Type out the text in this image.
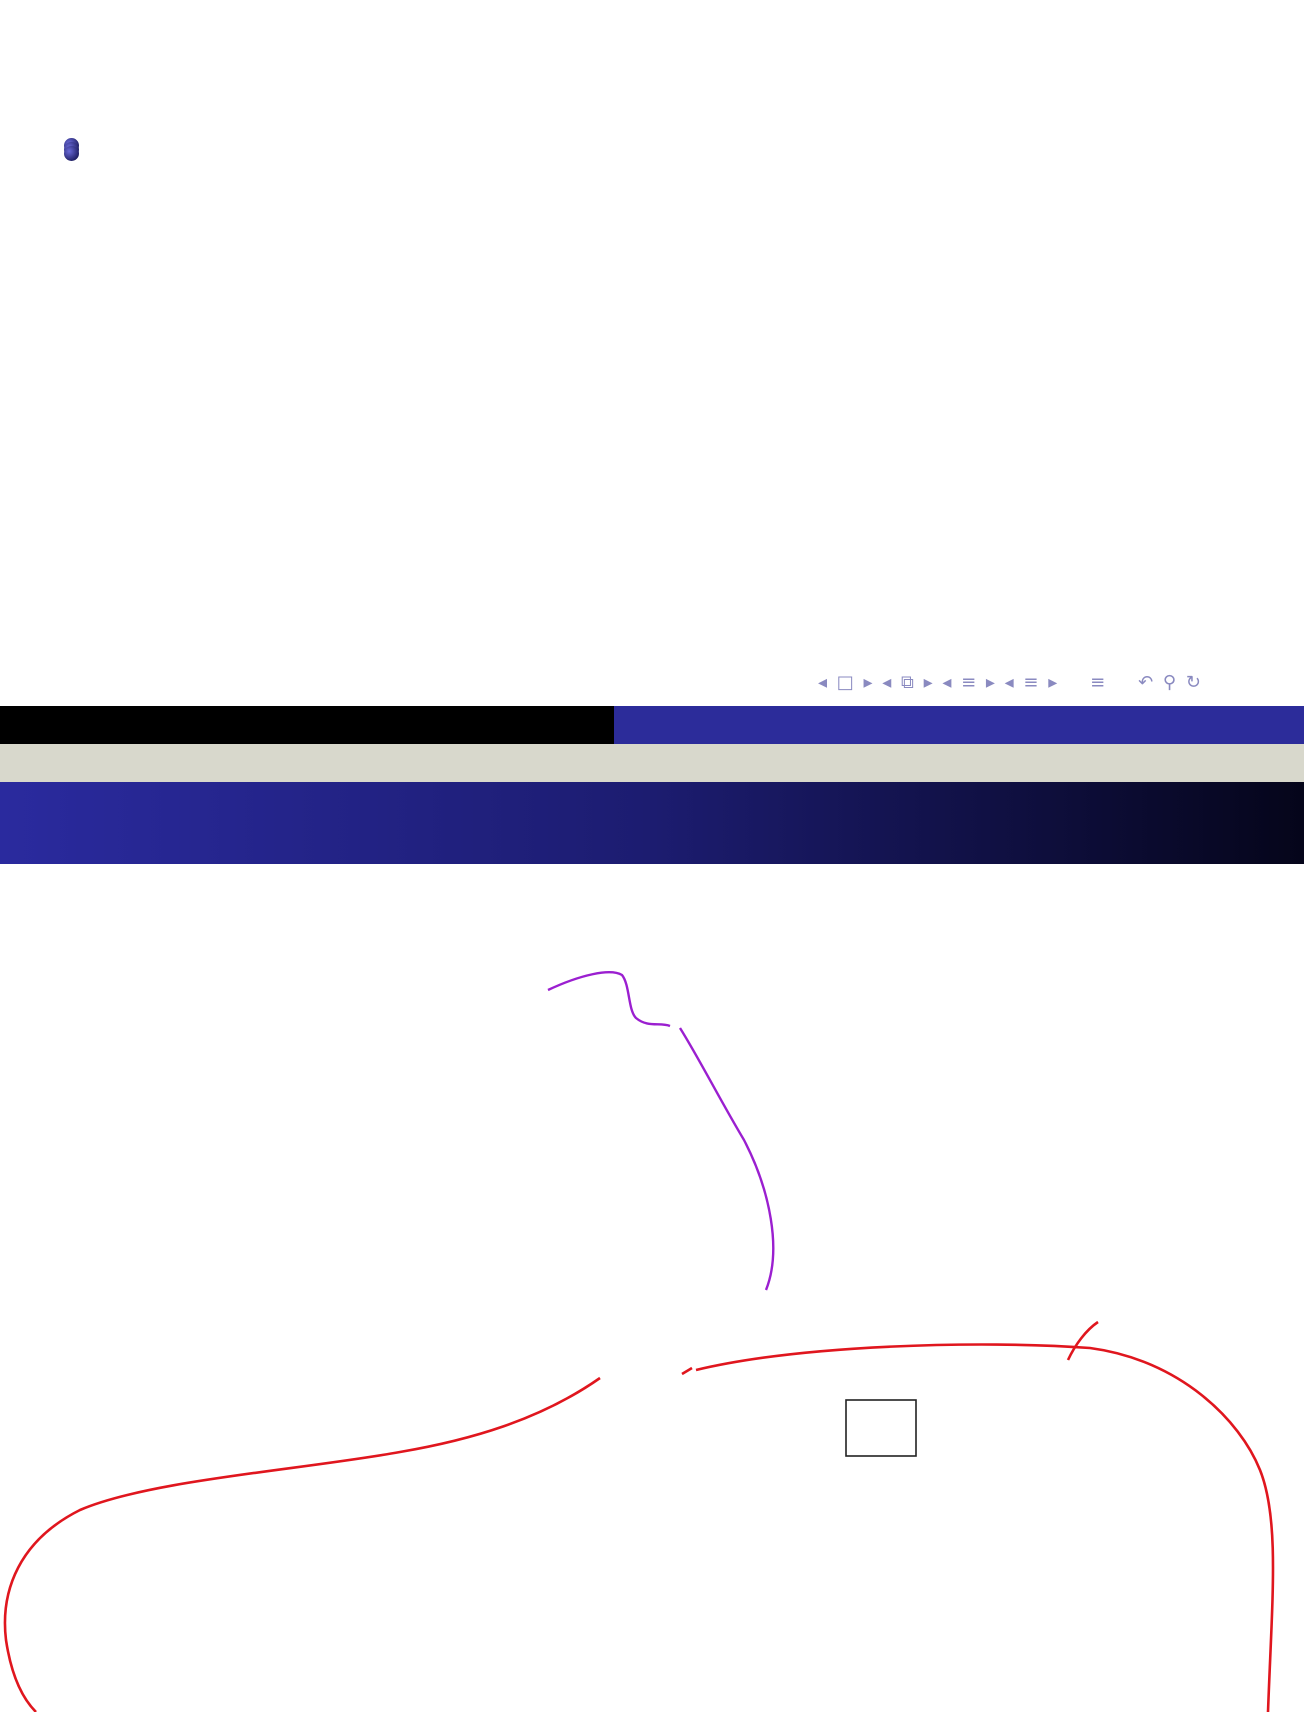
◂ □ ▸ ◂ ⧉ ▸ ◂ ≡ ▸ ◂ ≡ ▸    ≡    ↶ ⚲ ↻
